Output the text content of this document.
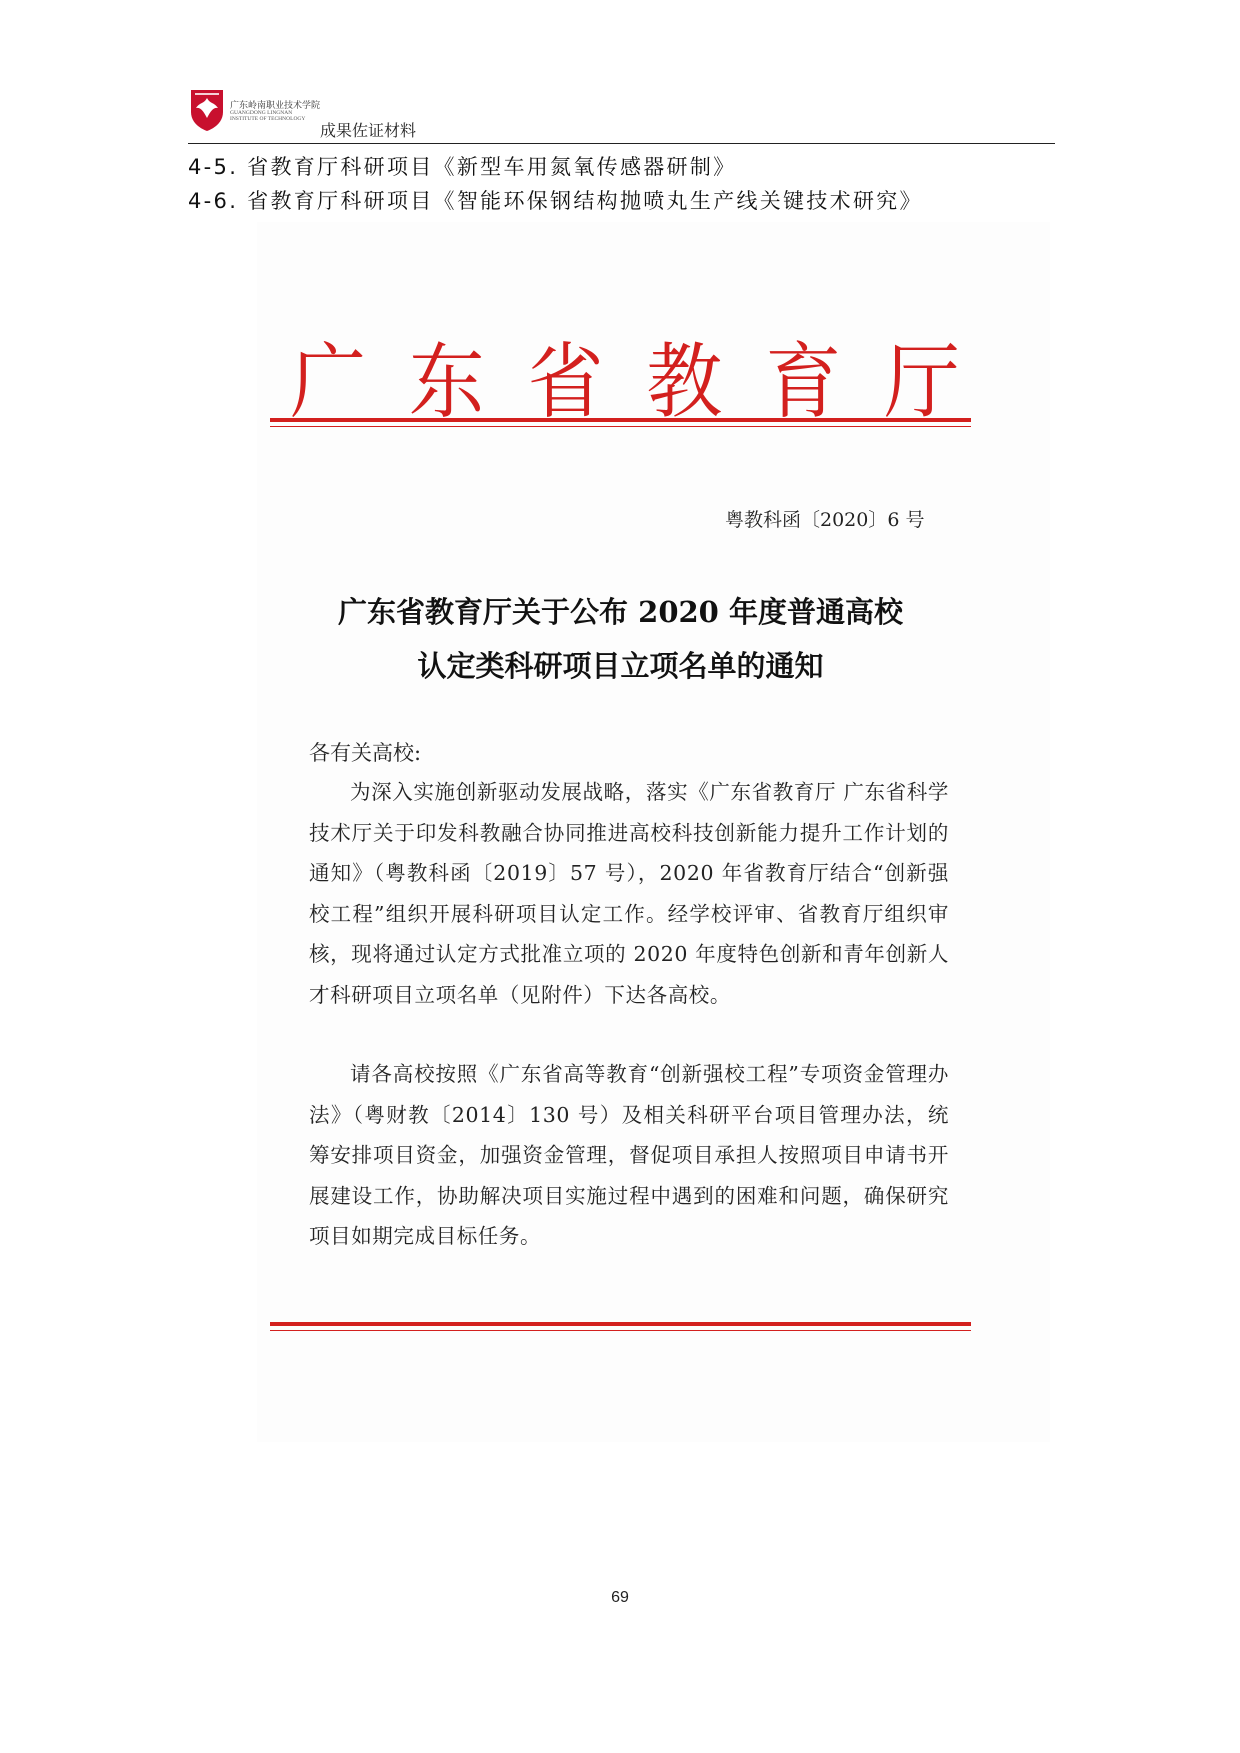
广东岭南职业技术学院
GUANGDONG LINGNAN INSTITUTE OF TECHNOLOGY
成果佐证材料
4-5. 省教育厅科研项目《新型车用氮氧传感器研制》
4-6. 省教育厅科研项目《智能环保钢结构抛喷丸生产线关键技术研究》
广 东 省 教 育 厅
粤教科函〔2020〕6 号
广东省教育厅关于公布 2020 年度普通高校
认定类科研项目立项名单的通知
各有关高校:
为深入实施创新驱动发展战略，落实《广东省教育厅 广东省科学技术厅关于印发科教融合协同推进高校科技创新能力提升工作计划的通知》（粤教科函〔2019〕57 号），2020 年省教育厅结合“创新强校工程”组织开展科研项目认定工作。经学校评审、省教育厅组织审核，现将通过认定方式批准立项的 2020 年度特色创新和青年创新人才科研项目立项名单（见附件）下达各高校。
请各高校按照《广东省高等教育“创新强校工程”专项资金管理办法》（粤财教〔2014〕130 号）及相关科研平台项目管理办法，统筹安排项目资金，加强资金管理，督促项目承担人按照项目申请书开展建设工作，协助解决项目实施过程中遇到的困难和问题，确保研究项目如期完成目标任务。
69
